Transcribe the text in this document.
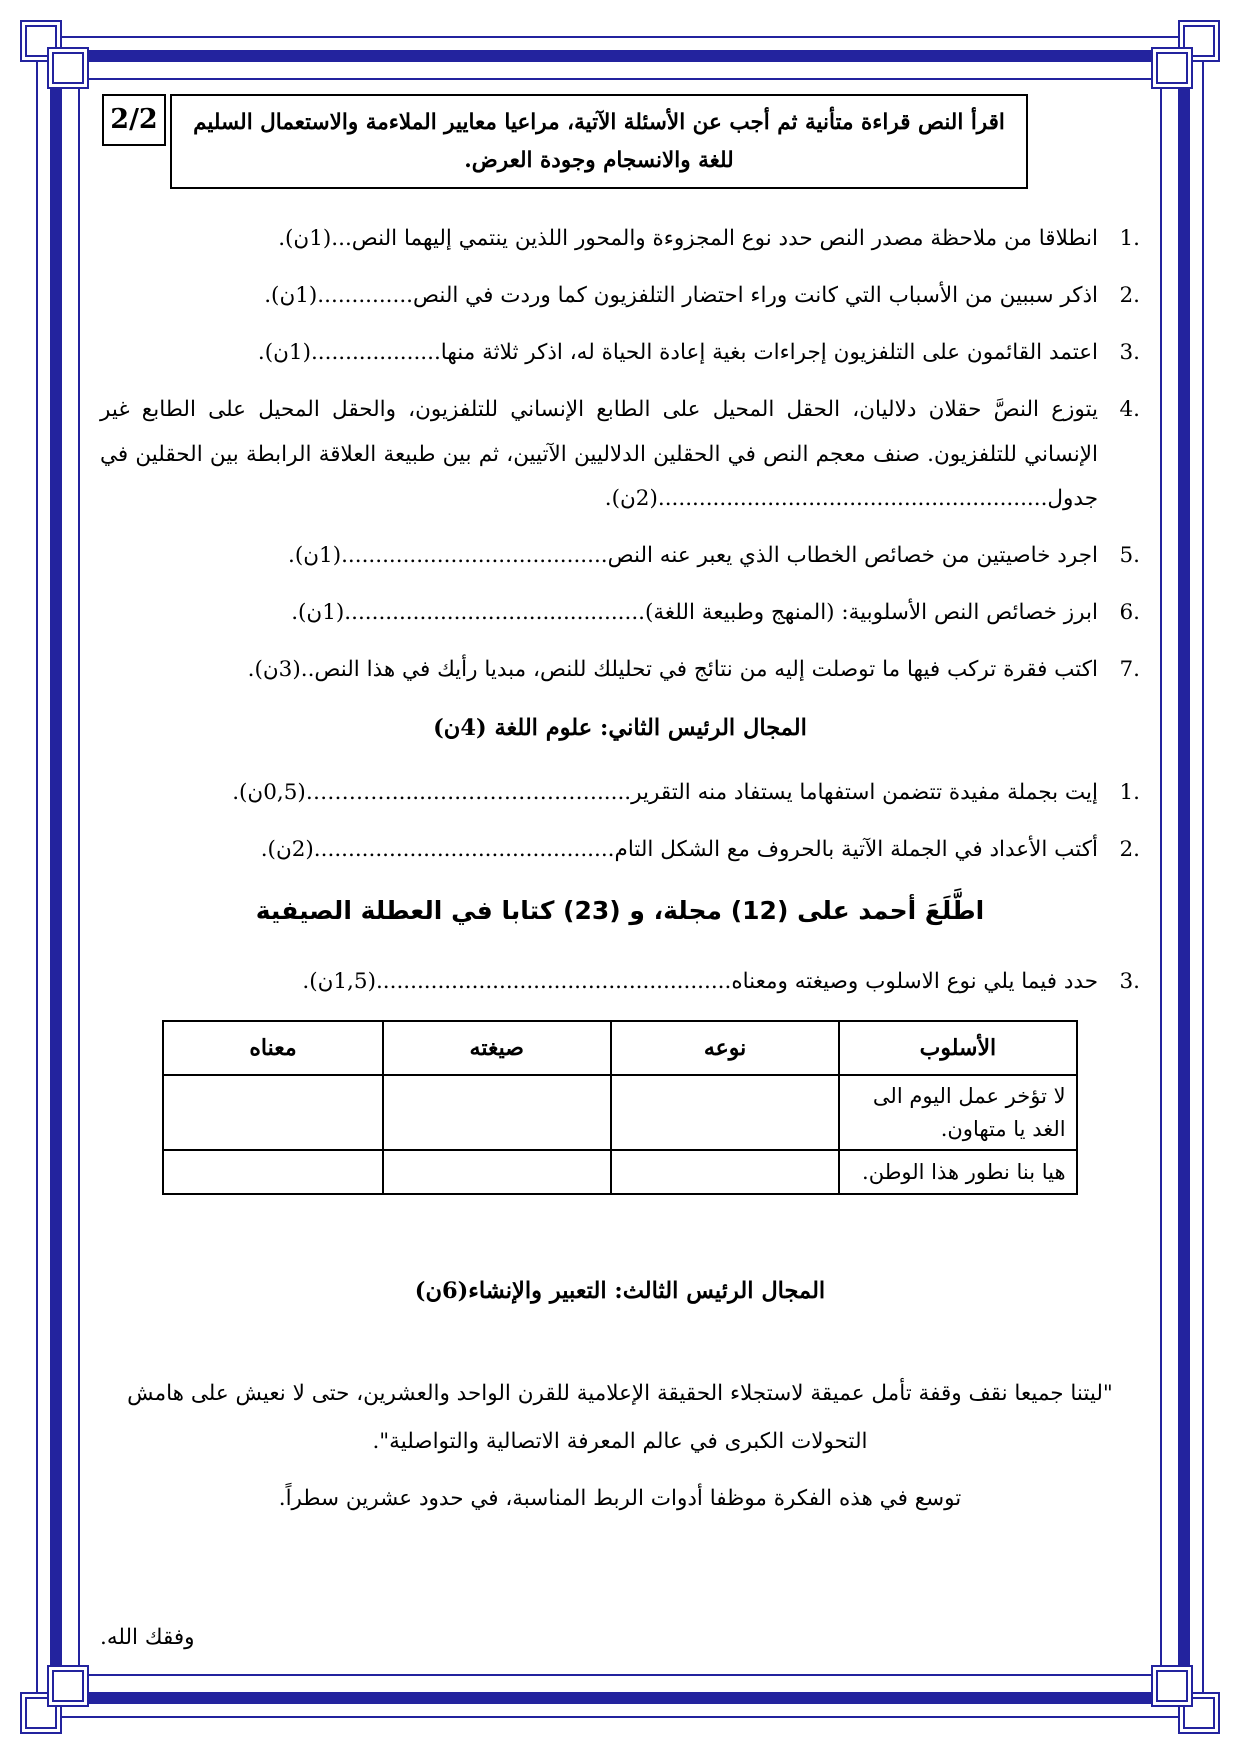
اقرأ النص قراءة متأنية ثم أجب عن الأسئلة الآتية، مراعيا معايير الملاءمة والاستعمال السليم للغة والانسجام وجودة العرض.
2/2
1.
انطلاقا من ملاحظة مصدر النص حدد نوع المجزوءة والمحور اللذين ينتمي إليهما النص...(1ن).
2.
اذكر سببين من الأسباب التي كانت وراء احتضار التلفزيون كما وردت في النص..............(1ن).
3.
اعتمد القائمون على التلفزيون إجراءات بغية إعادة الحياة له، اذكر ثلاثة منها...................(1ن).
4.
يتوزع النصَّ حقلان دلاليان، الحقل المحيل على الطابع الإنساني للتلفزيون، والحقل المحيل على الطابع غير الإنساني للتلفزيون. صنف معجم النص في الحقلين الدلاليين الآتيين، ثم بين طبيعة العلاقة الرابطة بين الحقلين في جدول.........................................................(2ن).
5.
اجرد خاصيتين من خصائص الخطاب الذي يعبر عنه النص.......................................(1ن).
6.
ابرز خصائص النص الأسلوبية: (المنهج وطبيعة اللغة)............................................(1ن).
7.
اكتب فقرة تركب فيها ما توصلت إليه من نتائج في تحليلك للنص، مبديا رأيك في هذا النص..(3ن).
المجال الرئيس الثاني: علوم اللغة (4ن)
1.
إيت بجملة مفيدة تتضمن استفهاما يستفاد منه التقرير.....………………..…......…………(0,5ن).
2.
أكتب الأعداد في الجملة الآتية بالحروف مع الشكل التام............................................(2ن).
اطَّلَعَ أحمد على (12) مجلة، و (23) كتابا في العطلة الصيفية
3.
حدد فيما يلي نوع الاسلوب وصيغته ومعناه....................................................(1,5ن).
الأسلوب	نوعه	صيغته	معناه
لا تؤخر عمل اليوم الى الغد يا متهاون.			
هيا بنا نطور هذا الوطن.			
المجال الرئيس الثالث: التعبير والإنشاء(6ن)
"ليتنا جميعا نقف وقفة تأمل عميقة لاستجلاء الحقيقة الإعلامية للقرن الواحد والعشرين، حتى لا نعيش على هامش التحولات الكبرى في عالم المعرفة الاتصالية والتواصلية".
توسع في هذه الفكرة موظفا أدوات الربط المناسبة، في حدود عشرين سطراً.
وفقك الله.
